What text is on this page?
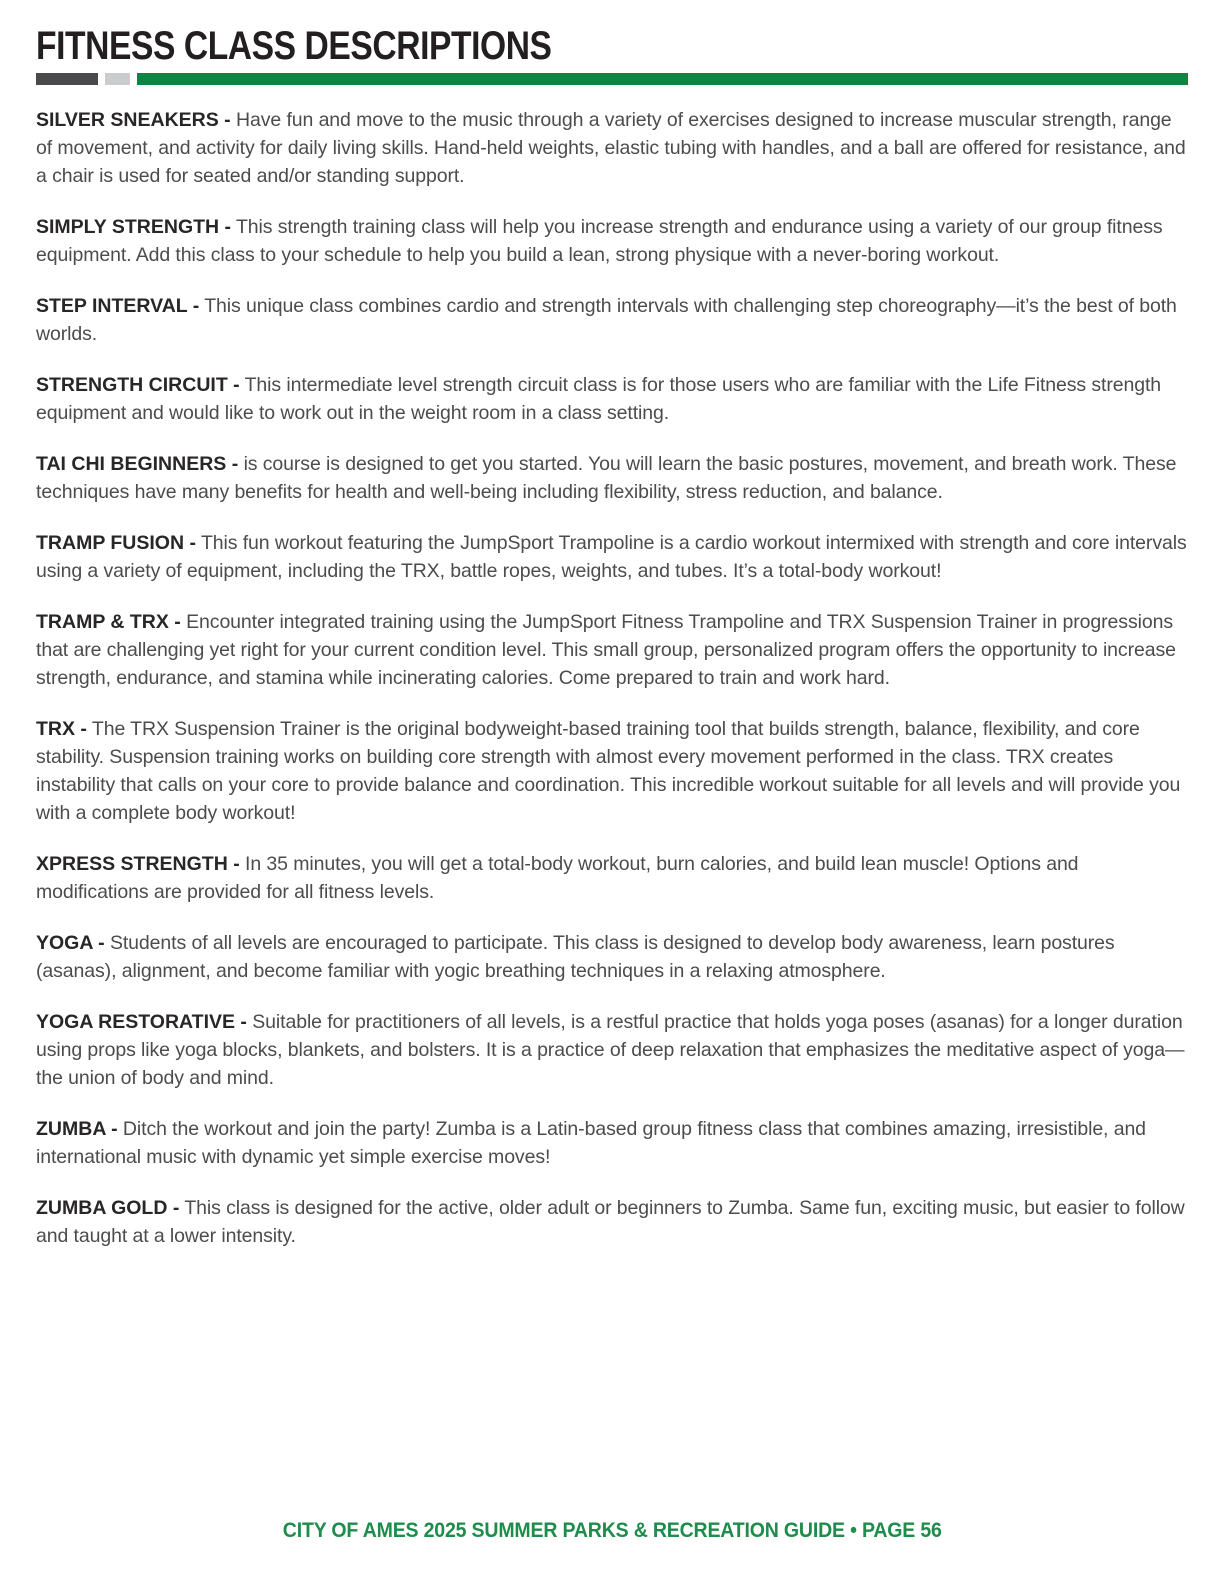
FITNESS CLASS DESCRIPTIONS

SILVER SNEAKERS - Have fun and move to the music through a variety of exercises designed to increase muscular strength, range of movement, and activity for daily living skills. Hand-held weights, elastic tubing with handles, and a ball are offered for resistance, and a chair is used for seated and/or standing support.

SIMPLY STRENGTH - This strength training class will help you increase strength and endurance using a variety of our group fitness equipment. Add this class to your schedule to help you build a lean, strong physique with a never-boring workout.

STEP INTERVAL - This unique class combines cardio and strength intervals with challenging step choreography—it’s the best of both worlds.

STRENGTH CIRCUIT - This intermediate level strength circuit class is for those users who are familiar with the Life Fitness strength equipment and would like to work out in the weight room in a class setting.

TAI CHI BEGINNERS - is course is designed to get you started. You will learn the basic postures, movement, and breath work. These techniques have many benefits for health and well-being including flexibility, stress reduction, and balance.

TRAMP FUSION - This fun workout featuring the JumpSport Trampoline is a cardio workout intermixed with strength and core intervals using a variety of equipment, including the TRX, battle ropes, weights, and tubes. It’s a total-body workout!

TRAMP & TRX - Encounter integrated training using the JumpSport Fitness Trampoline and TRX Suspension Trainer in progressions that are challenging yet right for your current condition level. This small group, personalized program offers the opportunity to increase strength, endurance, and stamina while incinerating calories. Come prepared to train and work hard.

TRX - The TRX Suspension Trainer is the original bodyweight-based training tool that builds strength, balance, flexibility, and core stability. Suspension training works on building core strength with almost every movement performed in the class. TRX creates instability that calls on your core to provide balance and coordination. This incredible workout suitable for all levels and will provide you with a complete body workout!

XPRESS STRENGTH - In 35 minutes, you will get a total-body workout, burn calories, and build lean muscle! Options and modifications are provided for all fitness levels.

YOGA - Students of all levels are encouraged to participate. This class is designed to develop body awareness, learn postures (asanas), alignment, and become familiar with yogic breathing techniques in a relaxing atmosphere.

YOGA RESTORATIVE - Suitable for practitioners of all levels, is a restful practice that holds yoga poses (asanas) for a longer duration using props like yoga blocks, blankets, and bolsters. It is a practice of deep relaxation that emphasizes the meditative aspect of yoga—the union of body and mind.

ZUMBA - Ditch the workout and join the party! Zumba is a Latin-based group fitness class that combines amazing, irresistible, and international music with dynamic yet simple exercise moves!

ZUMBA GOLD - This class is designed for the active, older adult or beginners to Zumba. Same fun, exciting music, but easier to follow and taught at a lower intensity.

CITY OF AMES 2025 SUMMER PARKS & RECREATION GUIDE • PAGE 56
